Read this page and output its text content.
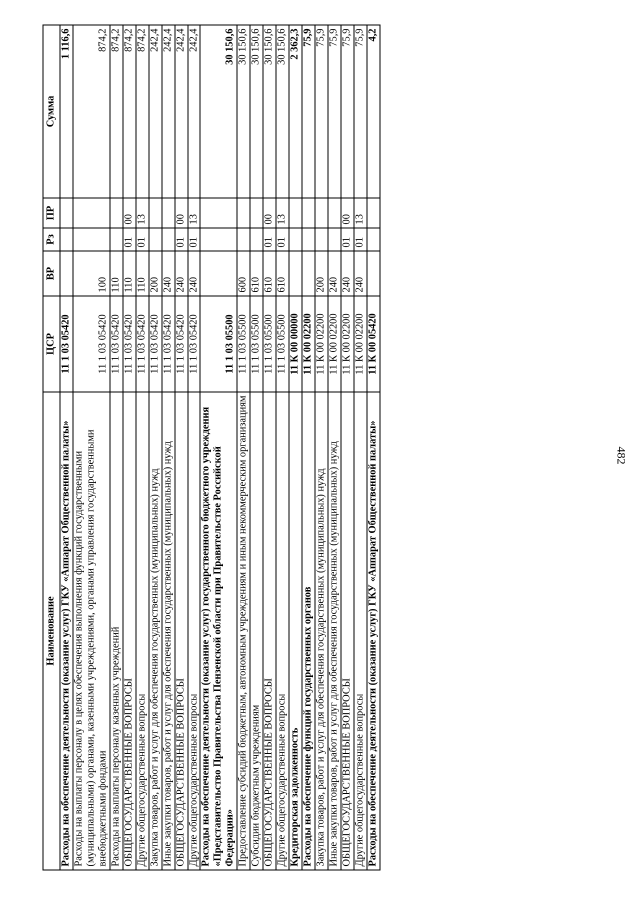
482
Наименование	ЦСР	ВР	Рз	ПР	Сумма
Расходы на обеспечение деятельности (оказание услуг) ГКУ «Аппарат Общественной палаты»	11 1 03 05420				1 116,6
Расходы на выплаты персоналу в целях обеспечения выполнения функций государственными (муниципальными) органами, казенными учреждениями, органами управления государственными внебюджетными фондами	11 1 03 05420	100			874,2
Расходы на выплаты персоналу казенных учреждений	11 1 03 05420	110			874,2
ОБЩЕГОСУДАРСТВЕННЫЕ ВОПРОСЫ	11 1 03 05420	110	01	00	874,2
Другие общегосударственные вопросы	11 1 03 05420	110	01	13	874,2
Закупка товаров, работ и услуг для обеспечения государственных (муниципальных) нужд	11 1 03 05420	200			242,4
Иные закупки товаров, работ и услуг для обеспечения государственных (муниципальных) нужд	11 1 03 05420	240			242,4
ОБЩЕГОСУДАРСТВЕННЫЕ ВОПРОСЫ	11 1 03 05420	240	01	00	242,4
Другие общегосударственные вопросы	11 1 03 05420	240	01	13	242,4
Расходы на обеспечение деятельности (оказание услуг) государственного бюджетного учреждения «Представительство Правительства Пензенской области при Правительстве Российской Федерации»	11 1 03 05500				30 150,6
Предоставление субсидий бюджетным, автономным учреждениям и иным некоммерческим организациям	11 1 03 05500	600			30 150,6
Субсидии бюджетным учреждениям	11 1 03 05500	610			30 150,6
ОБЩЕГОСУДАРСТВЕННЫЕ ВОПРОСЫ	11 1 03 05500	610	01	00	30 150,6
Другие общегосударственные вопросы	11 1 03 05500	610	01	13	30 150,6
Кредиторская задолженность	11 К 00 00000				2 362,3
Расходы на обеспечение функций государственных органов	11 К 00 02200				75,9
Закупка товаров, работ и услуг для обеспечения государственных (муниципальных) нужд	11 К 00 02200	200			75,9
Иные закупки товаров, работ и услуг для обеспечения государственных (муниципальных) нужд	11 К 00 02200	240			75,9
ОБЩЕГОСУДАРСТВЕННЫЕ ВОПРОСЫ	11 К 00 02200	240	01	00	75,9
Другие общегосударственные вопросы	11 К 00 02200	240	01	13	75,9
Расходы на обеспечение деятельности (оказание услуг) ГКУ «Аппарат Общественной палаты»	11 К 00 05420				4,2
